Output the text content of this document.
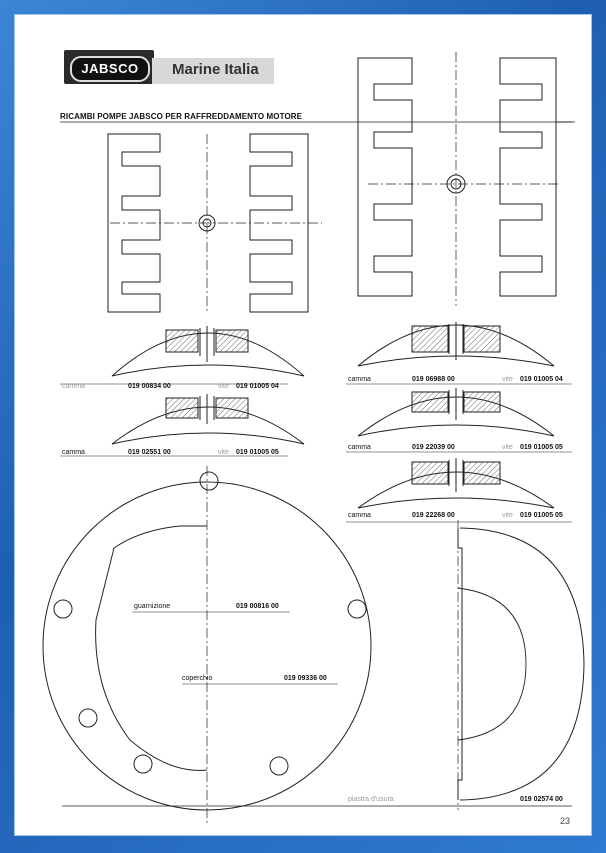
JABSCO	Marine Italia
RICAMBI POMPE JABSCO PER RAFFREDDAMENTO MOTORE
camma	019 00834 00	vite 019 01005 04
camma	019 02551 00	vite 019 01005 05
camma	019 06988 00	vite 019 01005 04
camma	019 22039 00	vite 019 01005 05
camma	019 22268 00	vite 019 01005 05
guarnizione	019 00816 00
coperchio	019 09336 00
piastra d'usura	019 02574 00
23
